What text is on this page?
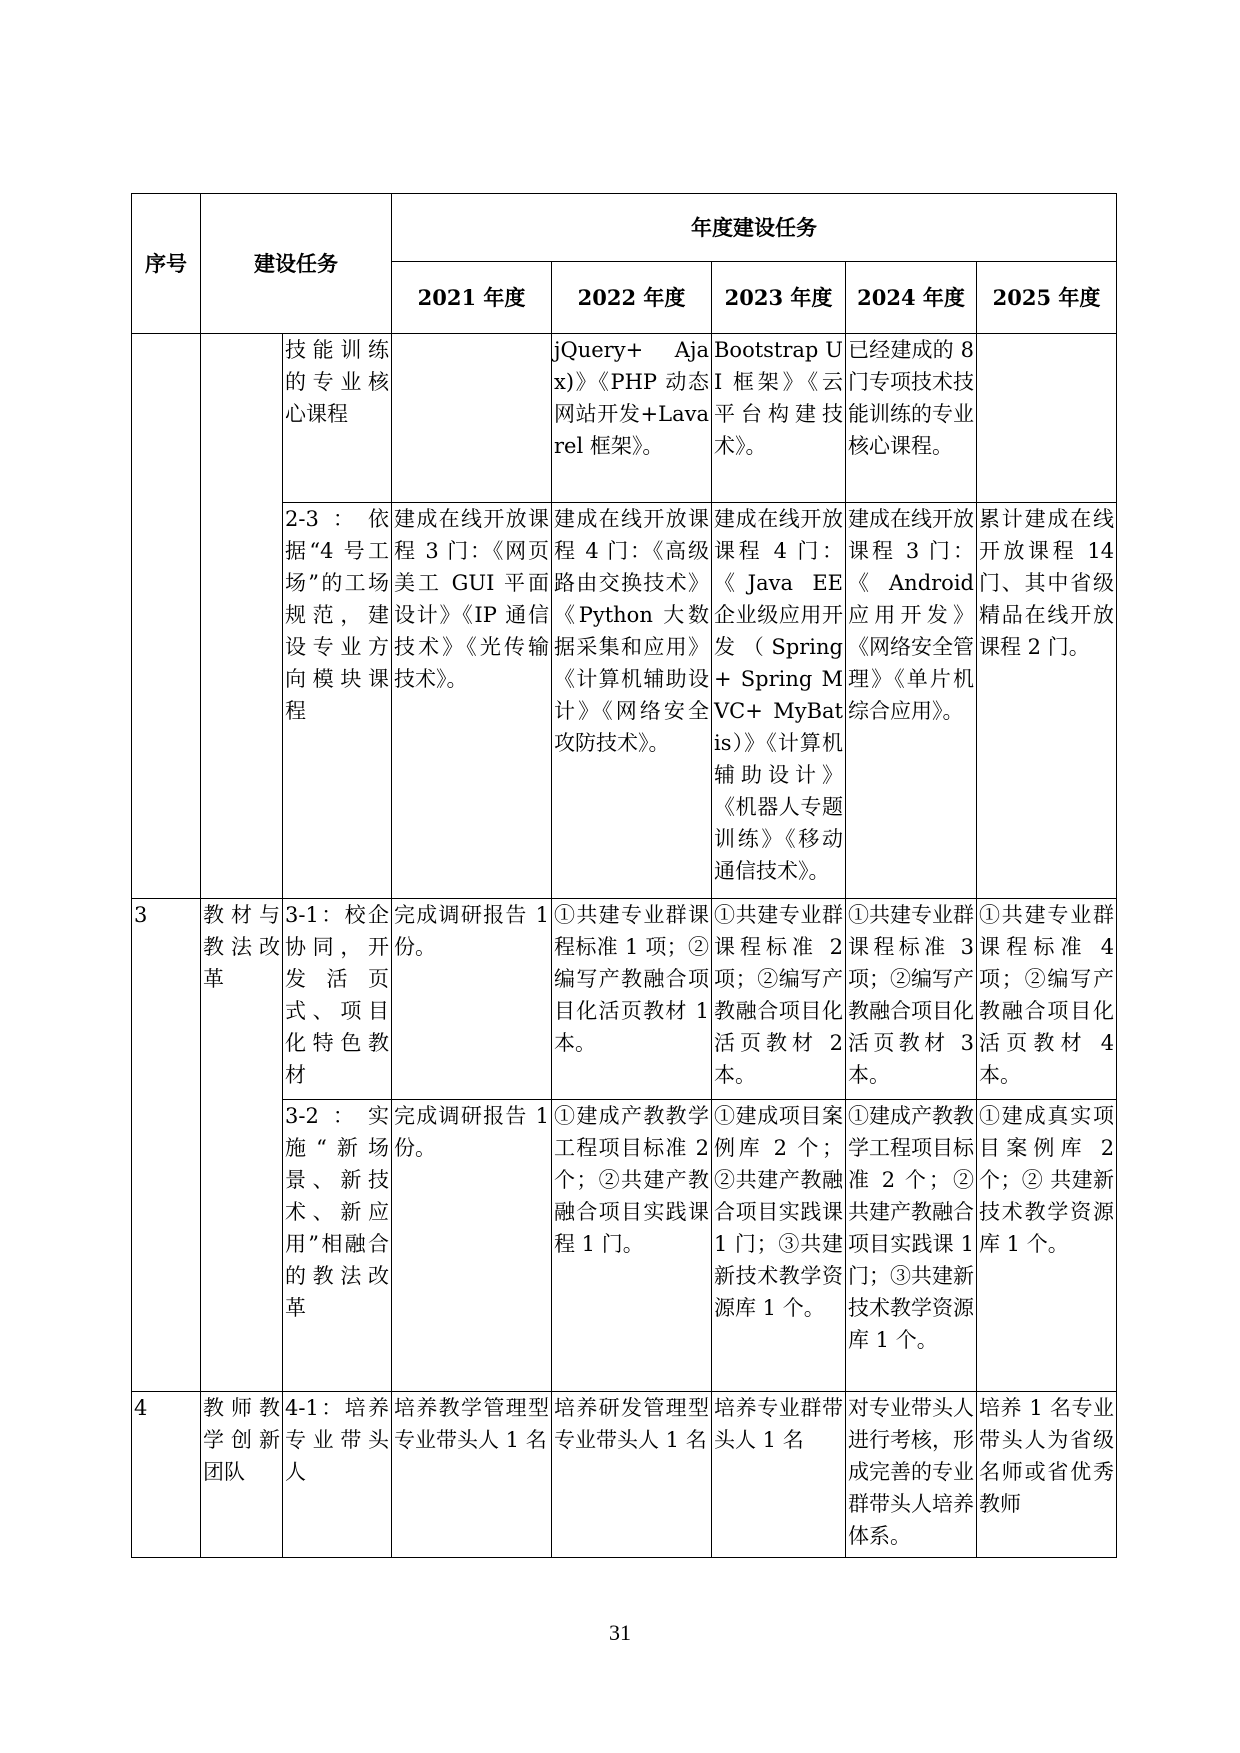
序号	建设任务		年度建设任务				
			2021 年度	2022 年度	2023 年度	2024 年度	2025 年度
		技能训练的专业核心课程		jQuery+ Ajax)》《PHP 动态网站开发+Lavarel 框架》。	Bootstrap UI 框架》《云平台构建技术》。	已经建成的 8 门专项技术技能训练的专业核心课程。	
		2-3：依据“4 号工场”的工场规范，建设专业方向模块课程	建成在线开放课程 3 门：《网页美工 GUI 平面设计》《IP 通信技术》《光传输技术》。	建成在线开放课程 4 门：《高级路由交换技术》《Python 大数据采集和应用》《计算机辅助设计》《网络安全攻防技术》。	建成在线开放课程 4 门：《Java EE 企业级应用开发（Spring+ Spring MVC+ MyBatis）》《计算机辅助设计》《机器人专题训练》《移动通信技术》。	建成在线开放课程 3 门：《Android 应用开发》《网络安全管理》《单片机综合应用》。	累计建成在线开放课程 14 门、其中省级精品在线开放课程 2 门。
3	教材与教法改革	3-1：校企协同，开发活页式、项目化特色教材	完成调研报告 1 份。	①共建专业群课程标准 1 项；②编写产教融合项目化活页教材 1 本。	①共建专业群课程标准 2 项；②编写产教融合项目化活页教材 2 本。	①共建专业群课程标准 3 项；②编写产教融合项目化活页教材 3 本。	①共建专业群课程标准 4 项；②编写产教融合项目化活页教材 4 本。
		3-2：实施“新场景、新技术、新应用”相融合的教法改革	完成调研报告 1 份。	①建成产教教学工程项目标准 2 个；②共建产教融合项目实践课程 1 门。	①建成项目案例库 2 个；②共建产教融合项目实践课 1 门；③共建新技术教学资源库 1 个。	①建成产教教学工程项目标准 2 个；②共建产教融合项目实践课 1 门；③共建新技术教学资源库 1 个。	①建成真实项目案例库 2 个；② 共建新技术教学资源库 1 个。
4	教师教学创新团队	4-1：培养专业带头人	培养教学管理型专业带头人 1 名	培养研发管理型专业带头人 1 名	培养专业群带头人 1 名	对专业带头人进行考核，形成完善的专业群带头人培养体系。	培养 1 名专业带头人为省级名师或省优秀教师
31
